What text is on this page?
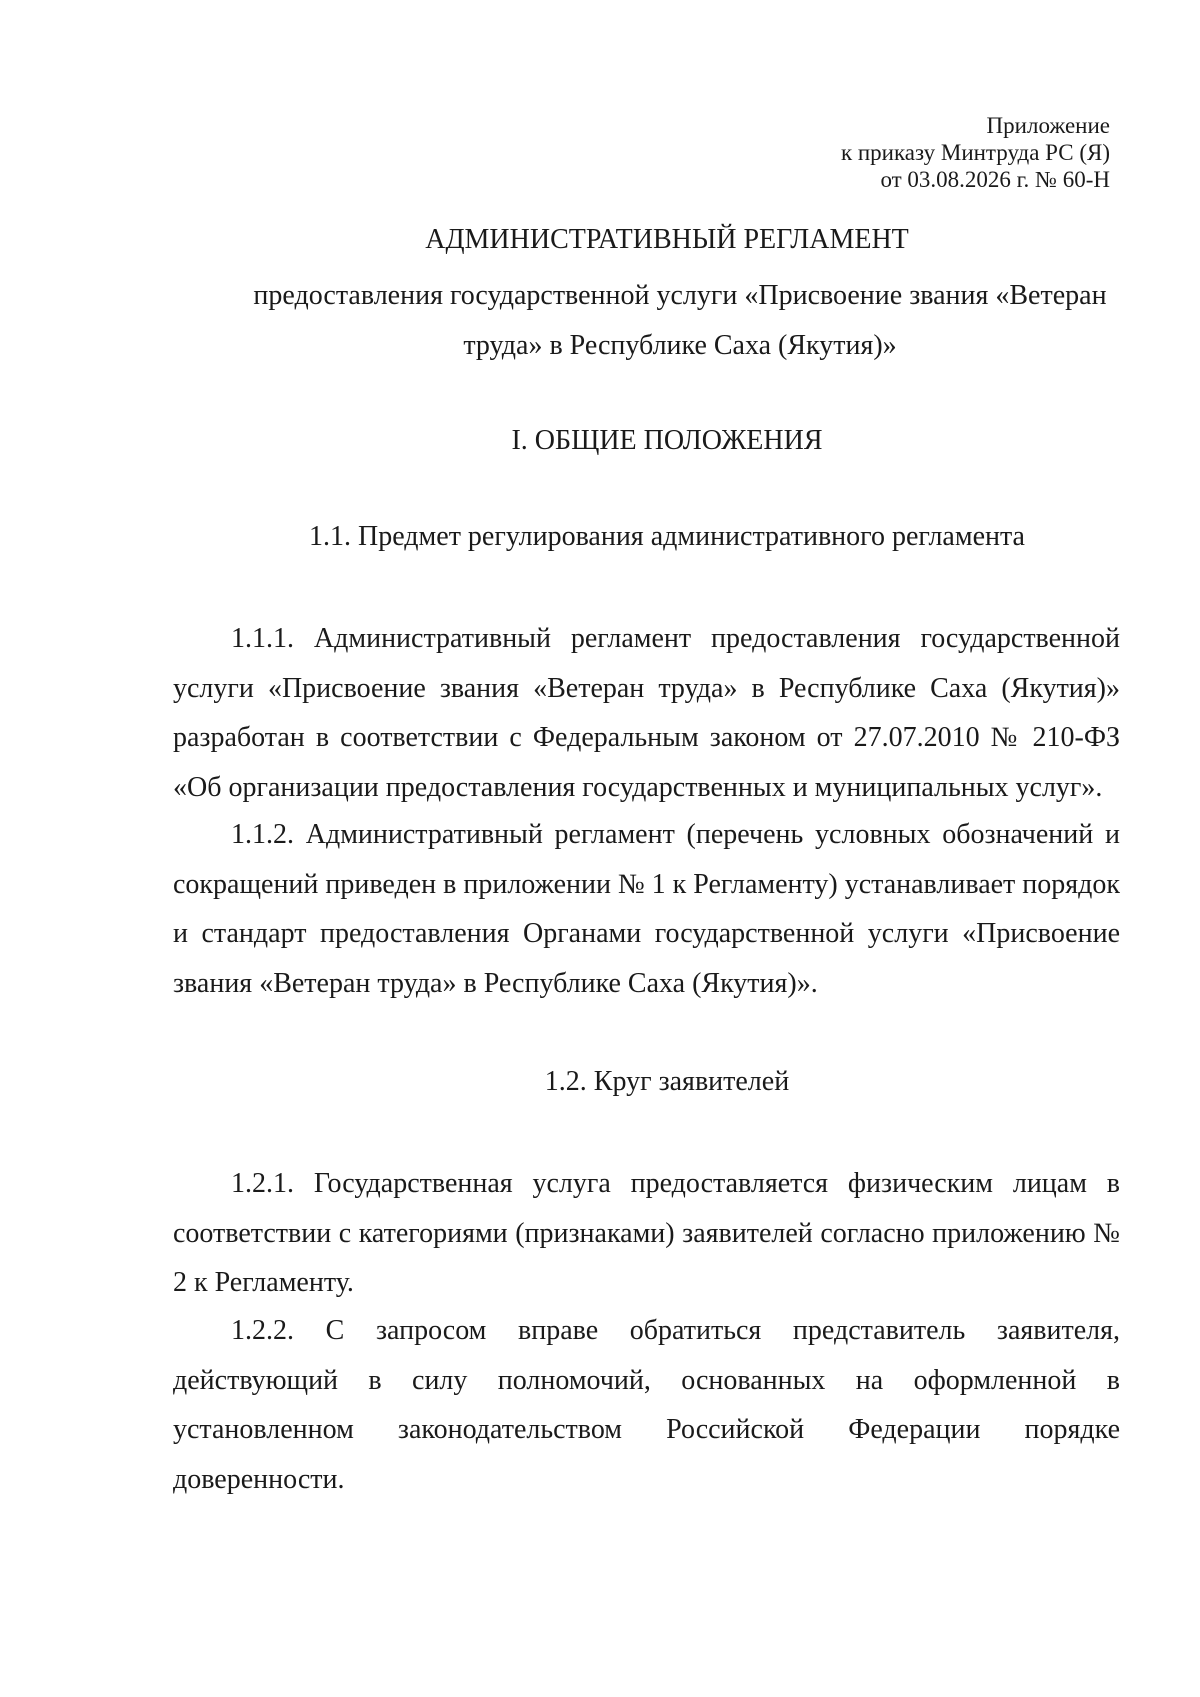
Приложение
к приказу Минтруда РС (Я)
от 03.08.2026 г. № 60-Н
АДМИНИСТРАТИВНЫЙ РЕГЛАМЕНТ
предоставления государственной услуги «Присвоение звания «Ветеран труда» в Республике Саха (Якутия)»
I. ОБЩИЕ ПОЛОЖЕНИЯ
1.1. Предмет регулирования административного регламента

1.1.1. Административный регламент предоставления государственной услуги «Присвоение звания «Ветеран труда» в Республике Саха (Якутия)» разработан в соответствии с Федеральным законом от 27.07.2010 № 210-ФЗ «Об организации предоставления государственных и муниципальных услуг».

1.1.2. Административный регламент (перечень условных обозначений и сокращений приведен в приложении № 1 к Регламенту) устанавливает порядок и стандарт предоставления Органами государственной услуги «Присвоение звания «Ветеран труда» в Республике Саха (Якутия)».

1.2. Круг заявителей

1.2.1. Государственная услуга предоставляется физическим лицам в соответствии с категориями (признаками) заявителей согласно приложению № 2 к Регламенту.

1.2.2. С запросом вправе обратиться представитель заявителя, действующий в силу полномочий, основанных на оформленной в установленном законодательством Российской Федерации порядке доверенности.
